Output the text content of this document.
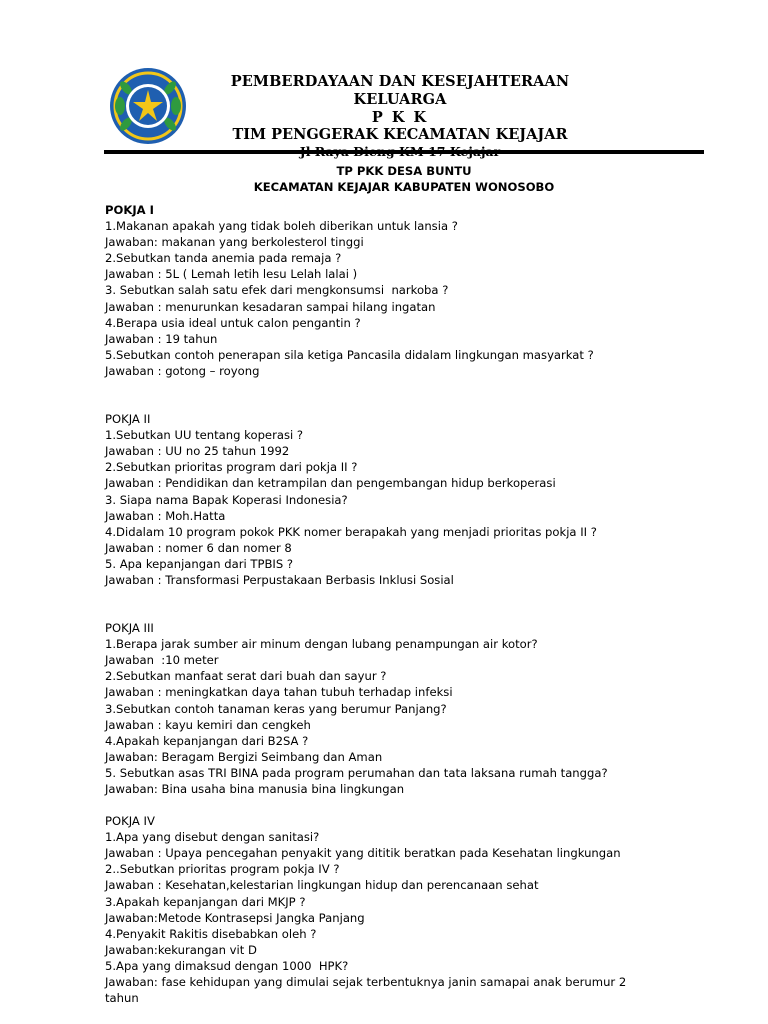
PEMBERDAYAAN DAN KESEJAHTERAAN KELUARGA
P K K
TIM PENGGERAK KECAMATAN KEJAJAR
TP PKK DESA BUNTU
KECAMATAN KEJAJAR KABUPATEN WONOSOBO
POKJA I
1.Makanan apakah yang tidak boleh diberikan untuk lansia ?
Jawaban: makanan yang berkolesterol tinggi
2.Sebutkan tanda anemia pada remaja ?
Jawaban : 5L ( Lemah letih lesu Lelah lalai )
3. Sebutkan salah satu efek dari mengkonsumsi  narkoba ?
Jawaban : menurunkan kesadaran sampai hilang ingatan
4.Berapa usia ideal untuk calon pengantin ?
Jawaban : 19 tahun
5.Sebutkan contoh penerapan sila ketiga Pancasila didalam lingkungan masyarkat ?
Jawaban : gotong – royong
POKJA II
1.Sebutkan UU tentang koperasi ?
Jawaban : UU no 25 tahun 1992
2.Sebutkan prioritas program dari pokja II ?
Jawaban : Pendidikan dan ketrampilan dan pengembangan hidup berkoperasi
3. Siapa nama Bapak Koperasi Indonesia?
Jawaban : Moh.Hatta
4.Didalam 10 program pokok PKK nomer berapakah yang menjadi prioritas pokja II ?
Jawaban : nomer 6 dan nomer 8
5. Apa kepanjangan dari TPBIS ?
Jawaban : Transformasi Perpustakaan Berbasis Inklusi Sosial
POKJA III
1.Berapa jarak sumber air minum dengan lubang penampungan air kotor?
Jawaban  :10 meter
2.Sebutkan manfaat serat dari buah dan sayur ?
Jawaban : meningkatkan daya tahan tubuh terhadap infeksi
3.Sebutkan contoh tanaman keras yang berumur Panjang?
Jawaban : kayu kemiri dan cengkeh
4.Apakah kepanjangan dari B2SA ?
Jawaban: Beragam Bergizi Seimbang dan Aman
5. Sebutkan asas TRI BINA pada program perumahan dan tata laksana rumah tangga?
Jawaban: Bina usaha bina manusia bina lingkungan
POKJA IV
1.Apa yang disebut dengan sanitasi?
Jawaban : Upaya pencegahan penyakit yang dititik beratkan pada Kesehatan lingkungan
2..Sebutkan prioritas program pokja IV ?
Jawaban : Kesehatan,kelestarian lingkungan hidup dan perencanaan sehat
3.Apakah kepanjangan dari MKJP ?
Jawaban:Metode Kontrasepsi Jangka Panjang
4.Penyakit Rakitis disebabkan oleh ?
Jawaban:kekurangan vit D
5.Apa yang dimaksud dengan 1000  HPK?
Jawaban: fase kehidupan yang dimulai sejak terbentuknya janin samapai anak berumur 2
tahun
